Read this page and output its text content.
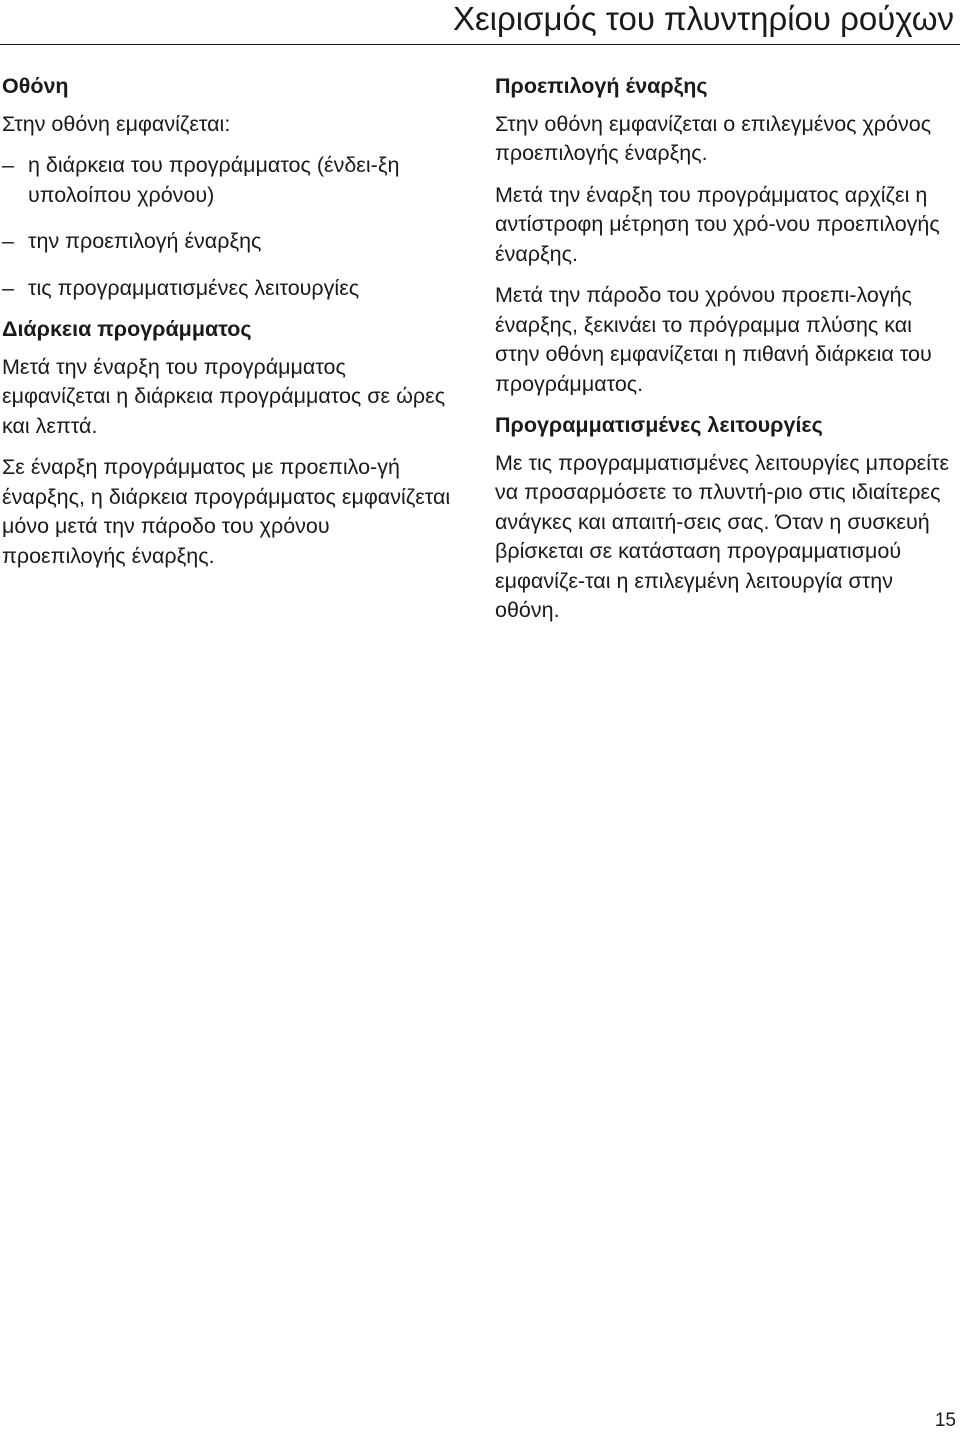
Χειρισμός του πλυντηρίου ρούχων
Οθόνη

Στην οθόνη εμφανίζεται:

– η διάρκεια του προγράμματος (ένδει-ξη υπολοίπου χρόνου)
– την προεπιλογή έναρξης
– τις προγραμματισμένες λειτουργίες
Διάρκεια προγράμματος

Μετά την έναρξη του προγράμματος εμφανίζεται η διάρκεια προγράμματος σε ώρες και λεπτά.

Σε έναρξη προγράμματος με προεπιλο-γή έναρξης, η διάρκεια προγράμματος εμφανίζεται μόνο μετά την πάροδο του χρόνου προεπιλογής έναρξης.

Προεπιλογή έναρξης

Στην οθόνη εμφανίζεται ο επιλεγμένος χρόνος προεπιλογής έναρξης.

Μετά την έναρξη του προγράμματος αρχίζει η αντίστροφη μέτρηση του χρό-νου προεπιλογής έναρξης.

Μετά την πάροδο του χρόνου προεπι-λογής έναρξης, ξεκινάει το πρόγραμμα πλύσης και στην οθόνη εμφανίζεται η πιθανή διάρκεια του προγράμματος.

Προγραμματισμένες λειτουργίες

Με τις προγραμματισμένες λειτουργίες μπορείτε να προσαρμόσετε το πλυντή-ριο στις ιδιαίτερες ανάγκες και απαιτή-σεις σας. Όταν η συσκευή βρίσκεται σε κατάσταση προγραμματισμού εμφανίζε-ται η επιλεγμένη λειτουργία στην οθόνη.

15
